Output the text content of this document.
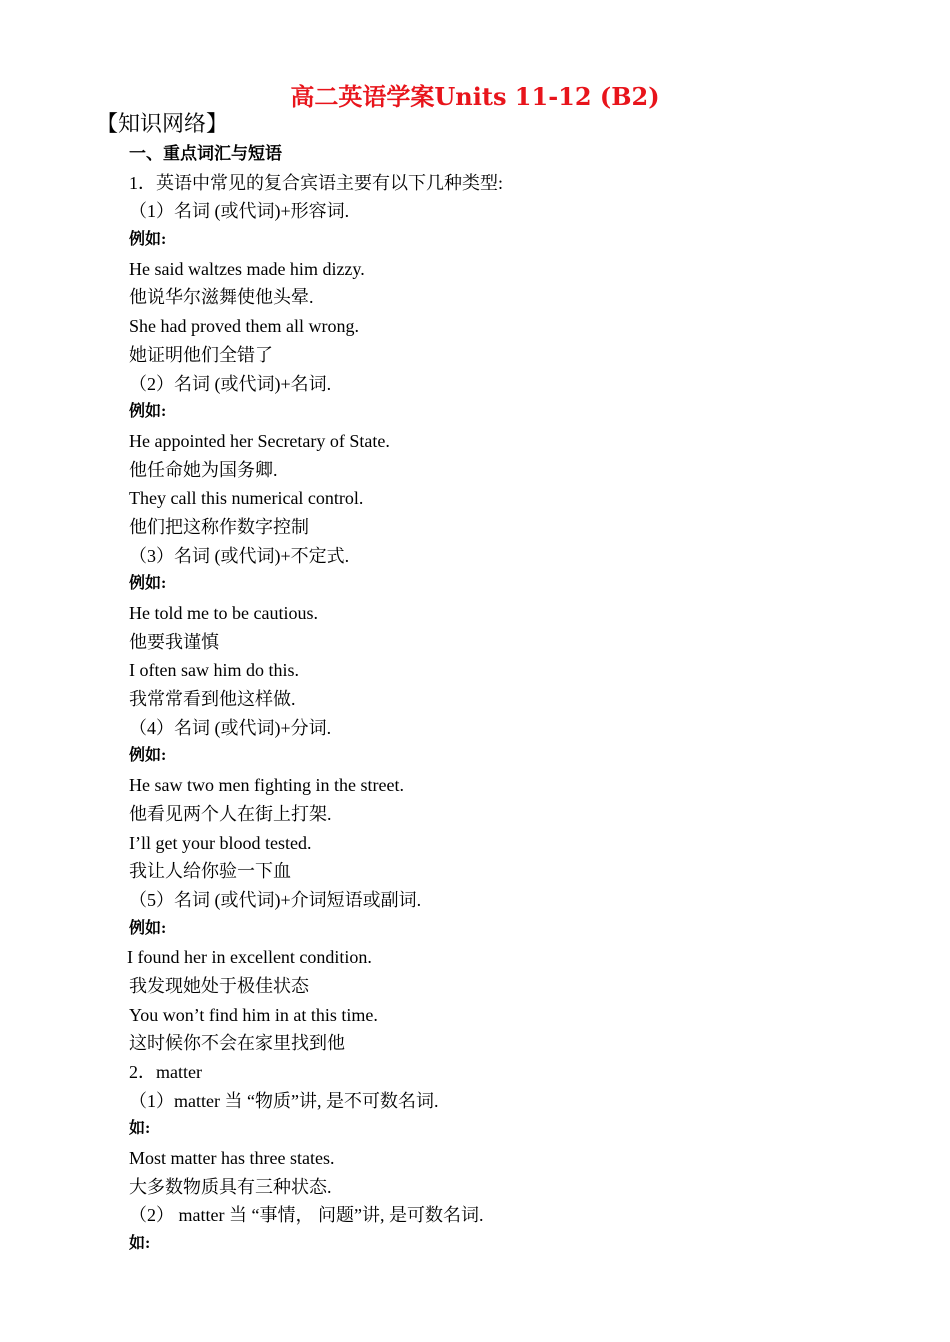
高二英语学案Units 11-12 (B2)
【知识网络】
一、重点词汇与短语
1．英语中常见的复合宾语主要有以下几种类型:
（1）名词 (或代词)+形容词.
例如:
He said waltzes made him dizzy.
他说华尔滋舞使他头晕.
She had proved them all wrong.
她证明他们全错了
（2）名词 (或代词)+名词.
例如:
He appointed her Secretary of State.
他任命她为国务卿.
They call this numerical control.
他们把这称作数字控制
（3）名词 (或代词)+不定式.
例如:
He told me to be cautious.
他要我谨慎
I often saw him do this.
我常常看到他这样做.
（4）名词 (或代词)+分词.
例如:
He saw two men fighting in the street.
他看见两个人在街上打架.
I’ll get your blood tested.
我让人给你验一下血
（5）名词 (或代词)+介词短语或副词.
例如:
I found her in excellent condition.
我发现她处于极佳状态
You won’t find him in at this time.
这时候你不会在家里找到他
2．matter
（1）matter 当 “物质”讲, 是不可数名词.
如:
Most matter has three states.
大多数物质具有三种状态.
（2） matter 当 “事情， 问题”讲, 是可数名词.
如:
